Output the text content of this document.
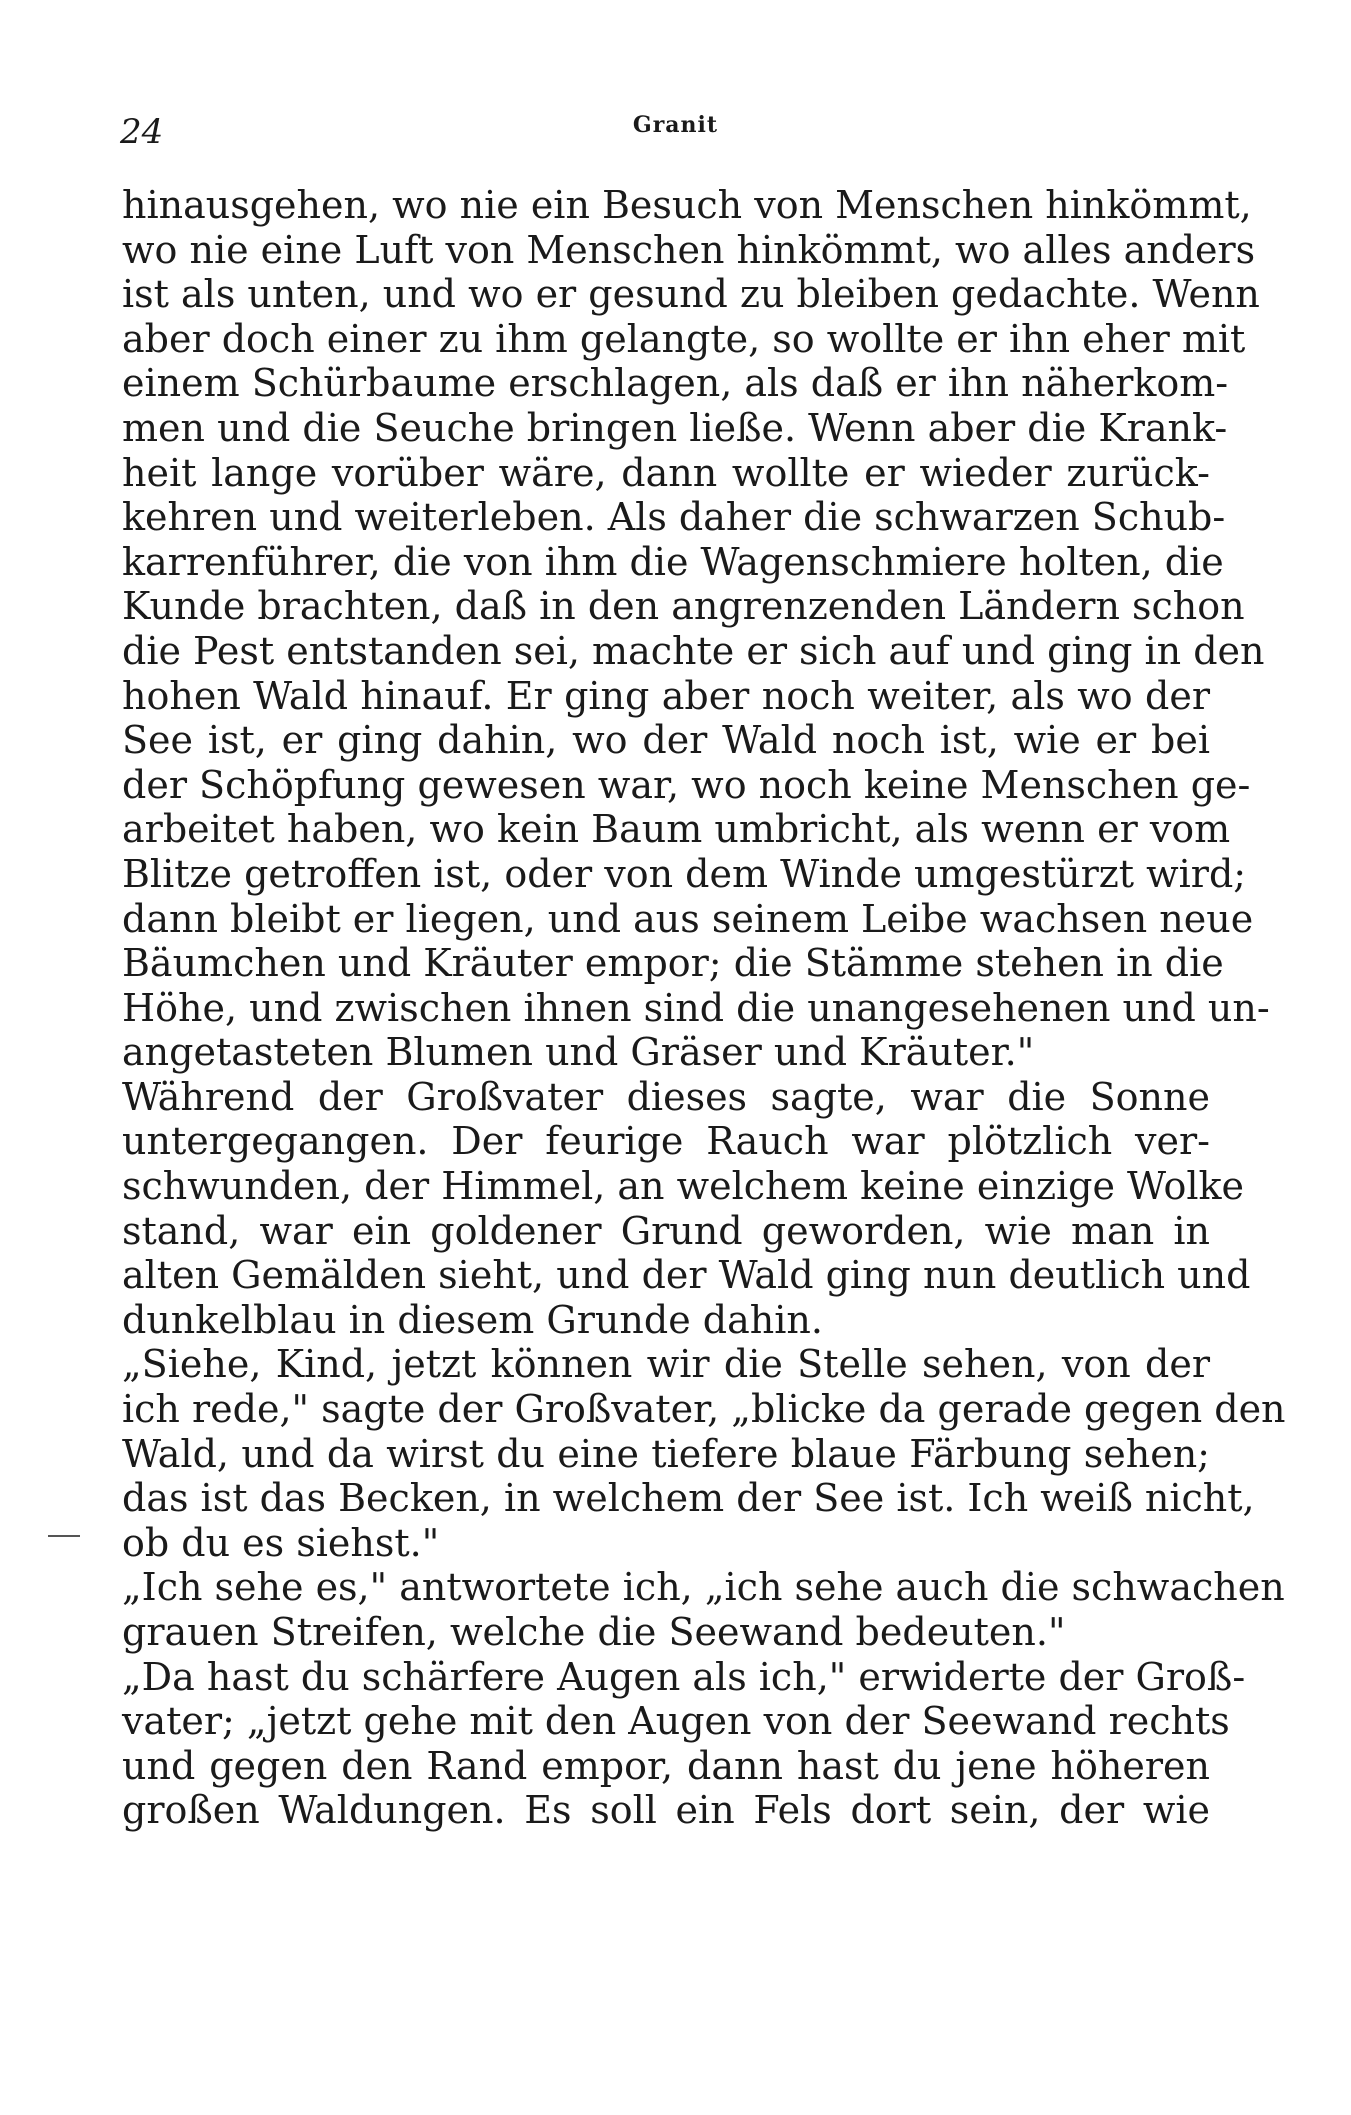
24	Granit
hinausgehen, wo nie ein Besuch von Menschen hinkömmt,
wo nie eine Luft von Menschen hinkömmt, wo alles anders
ist als unten, und wo er gesund zu bleiben gedachte. Wenn
aber doch einer zu ihm gelangte, so wollte er ihn eher mit
einem Schürbaume erschlagen, als daß er ihn näherkom-
men und die Seuche bringen ließe. Wenn aber die Krank-
heit lange vorüber wäre, dann wollte er wieder zurück-
kehren und weiterleben. Als daher die schwarzen Schub-
karrenführer, die von ihm die Wagenschmiere holten, die
Kunde brachten, daß in den angrenzenden Ländern schon
die Pest entstanden sei, machte er sich auf und ging in den
hohen Wald hinauf. Er ging aber noch weiter, als wo der
See ist, er ging dahin, wo der Wald noch ist, wie er bei
der Schöpfung gewesen war, wo noch keine Menschen ge-
arbeitet haben, wo kein Baum umbricht, als wenn er vom
Blitze getroffen ist, oder von dem Winde umgestürzt wird;
dann bleibt er liegen, und aus seinem Leibe wachsen neue
Bäumchen und Kräuter empor; die Stämme stehen in die
Höhe, und zwischen ihnen sind die unangesehenen und un-
angetasteten Blumen und Gräser und Kräuter."
Während der Großvater dieses sagte, war die Sonne
untergegangen. Der feurige Rauch war plötzlich ver-
schwunden, der Himmel, an welchem keine einzige Wolke
stand, war ein goldener Grund geworden, wie man in
alten Gemälden sieht, und der Wald ging nun deutlich und
dunkelblau in diesem Grunde dahin.
„Siehe, Kind, jetzt können wir die Stelle sehen, von der
ich rede," sagte der Großvater, „blicke da gerade gegen den
Wald, und da wirst du eine tiefere blaue Färbung sehen;
das ist das Becken, in welchem der See ist. Ich weiß nicht,
ob du es siehst."
„Ich sehe es," antwortete ich, „ich sehe auch die schwachen
grauen Streifen, welche die Seewand bedeuten."
„Da hast du schärfere Augen als ich," erwiderte der Groß-
vater; „jetzt gehe mit den Augen von der Seewand rechts
und gegen den Rand empor, dann hast du jene höheren
großen Waldungen. Es soll ein Fels dort sein, der wie
